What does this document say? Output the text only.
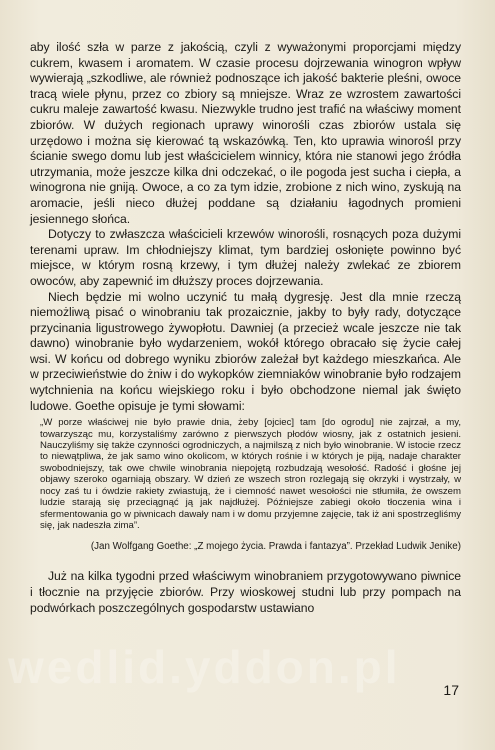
aby ilość szła w parze z jakością, czyli z wyważonymi proporcjami między cukrem, kwasem i aromatem. W czasie procesu dojrzewania winogron wpływ wywierają „szkodliwe, ale również podnoszące ich jakość bakterie pleśni, owoce tracą wiele płynu, przez co zbiory są mniejsze. Wraz ze wzrostem zawartości cukru maleje zawartość kwasu. Niezwykle trudno jest trafić na właściwy moment zbiorów. W dużych regionach uprawy winorośli czas zbiorów ustala się urzędowo i można się kierować tą wskazówką. Ten, kto uprawia winorośl przy ścianie swego domu lub jest właścicielem winnicy, która nie stanowi jego źródła utrzymania, może jeszcze kilka dni odczekać, o ile pogoda jest sucha i ciepła, a winogrona nie gniją. Owoce, a co za tym idzie, zrobione z nich wino, zyskują na aromacie, jeśli nieco dłużej poddane są działaniu łagodnych promieni jesiennego słońca.

Dotyczy to zwłaszcza właścicieli krzewów winorośli, rosnących poza dużymi terenami upraw. Im chłodniejszy klimat, tym bardziej osłonięte powinno być miejsce, w którym rosną krzewy, i tym dłużej należy zwlekać ze zbiorem owoców, aby zapewnić im dłuższy proces dojrzewania.

Niech będzie mi wolno uczynić tu małą dygresję. Jest dla mnie rzeczą niemożliwą pisać o winobraniu tak prozaicznie, jakby to były rady, dotyczące przycinania ligustrowego żywopłotu. Dawniej (a przecież wcale jeszcze nie tak dawno) winobranie było wydarzeniem, wokół którego obracało się życie całej wsi. W końcu od dobrego wyniku zbiorów zależał byt każdego mieszkańca. Ale w przeciwieństwie do żniw i do wykopków ziemniaków winobranie było rodzajem wytchnienia na końcu wiejskiego roku i było obchodzone niemal jak święto ludowe. Goethe opisuje je tymi słowami:

„W porze właściwej nie było prawie dnia, żeby [ojciec] tam [do ogrodu] nie zajrzał, a my, towarzysząc mu, korzystaliśmy zarówno z pierwszych płodów wiosny, jak z ostatnich jesieni. Nauczyliśmy się także czynności ogrodniczych, a najmilszą z nich było winobranie. W istocie rzecz to niewątpliwa, że jak samo wino okolicom, w których rośnie i w których je piją, nadaje charakter swobodniejszy, tak owe chwile winobrania niepojętą rozbudzają wesołość. Radość i głośne jej objawy szeroko ogarniają obszary. W dzień ze wszech stron rozlegają się okrzyki i wystrzały, w nocy zaś tu i ówdzie rakiety zwiastują, że i ciemność nawet wesołości nie stłumiła, że owszem ludzie starają się przeciągnąć ją jak najdłużej. Późniejsze zabiegi około tłoczenia wina i sfermentowania go w piwnicach dawały nam i w domu przyjemne zajęcie, tak iż ani spostrzegliśmy się, jak nadeszła zima”.

(Jan Wolfgang Goethe: „Z mojego życia. Prawda i fantazya”. Przekład Ludwik Jenike)

Już na kilka tygodni przed właściwym winobraniem przygotowywano piwnice i tłocznie na przyjęcie zbiorów. Przy wioskowej studni lub przy pompach na podwórkach poszczególnych gospodarstw ustawiano

wedlid.yddon.pl	17
